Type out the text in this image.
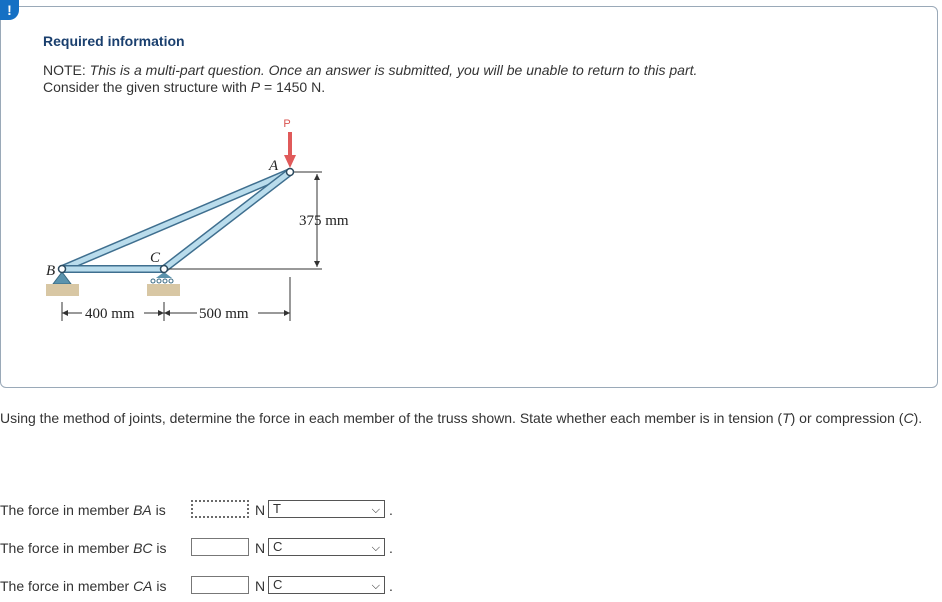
!
Required information
NOTE: This is a multi-part question. Once an answer is submitted, you will be unable to return to this part.
Consider the given structure with P = 1450 N.
P
375 mm
A
B
C
400 mm	500 mm
Using the method of joints, determine the force in each member of the truss shown. State whether each member is in tension (T) or compression (C).
The force in member BA is	N T	⌵ .
The force in member BC is	N C	⌵ .
The force in member CA is	N C	⌵ .
